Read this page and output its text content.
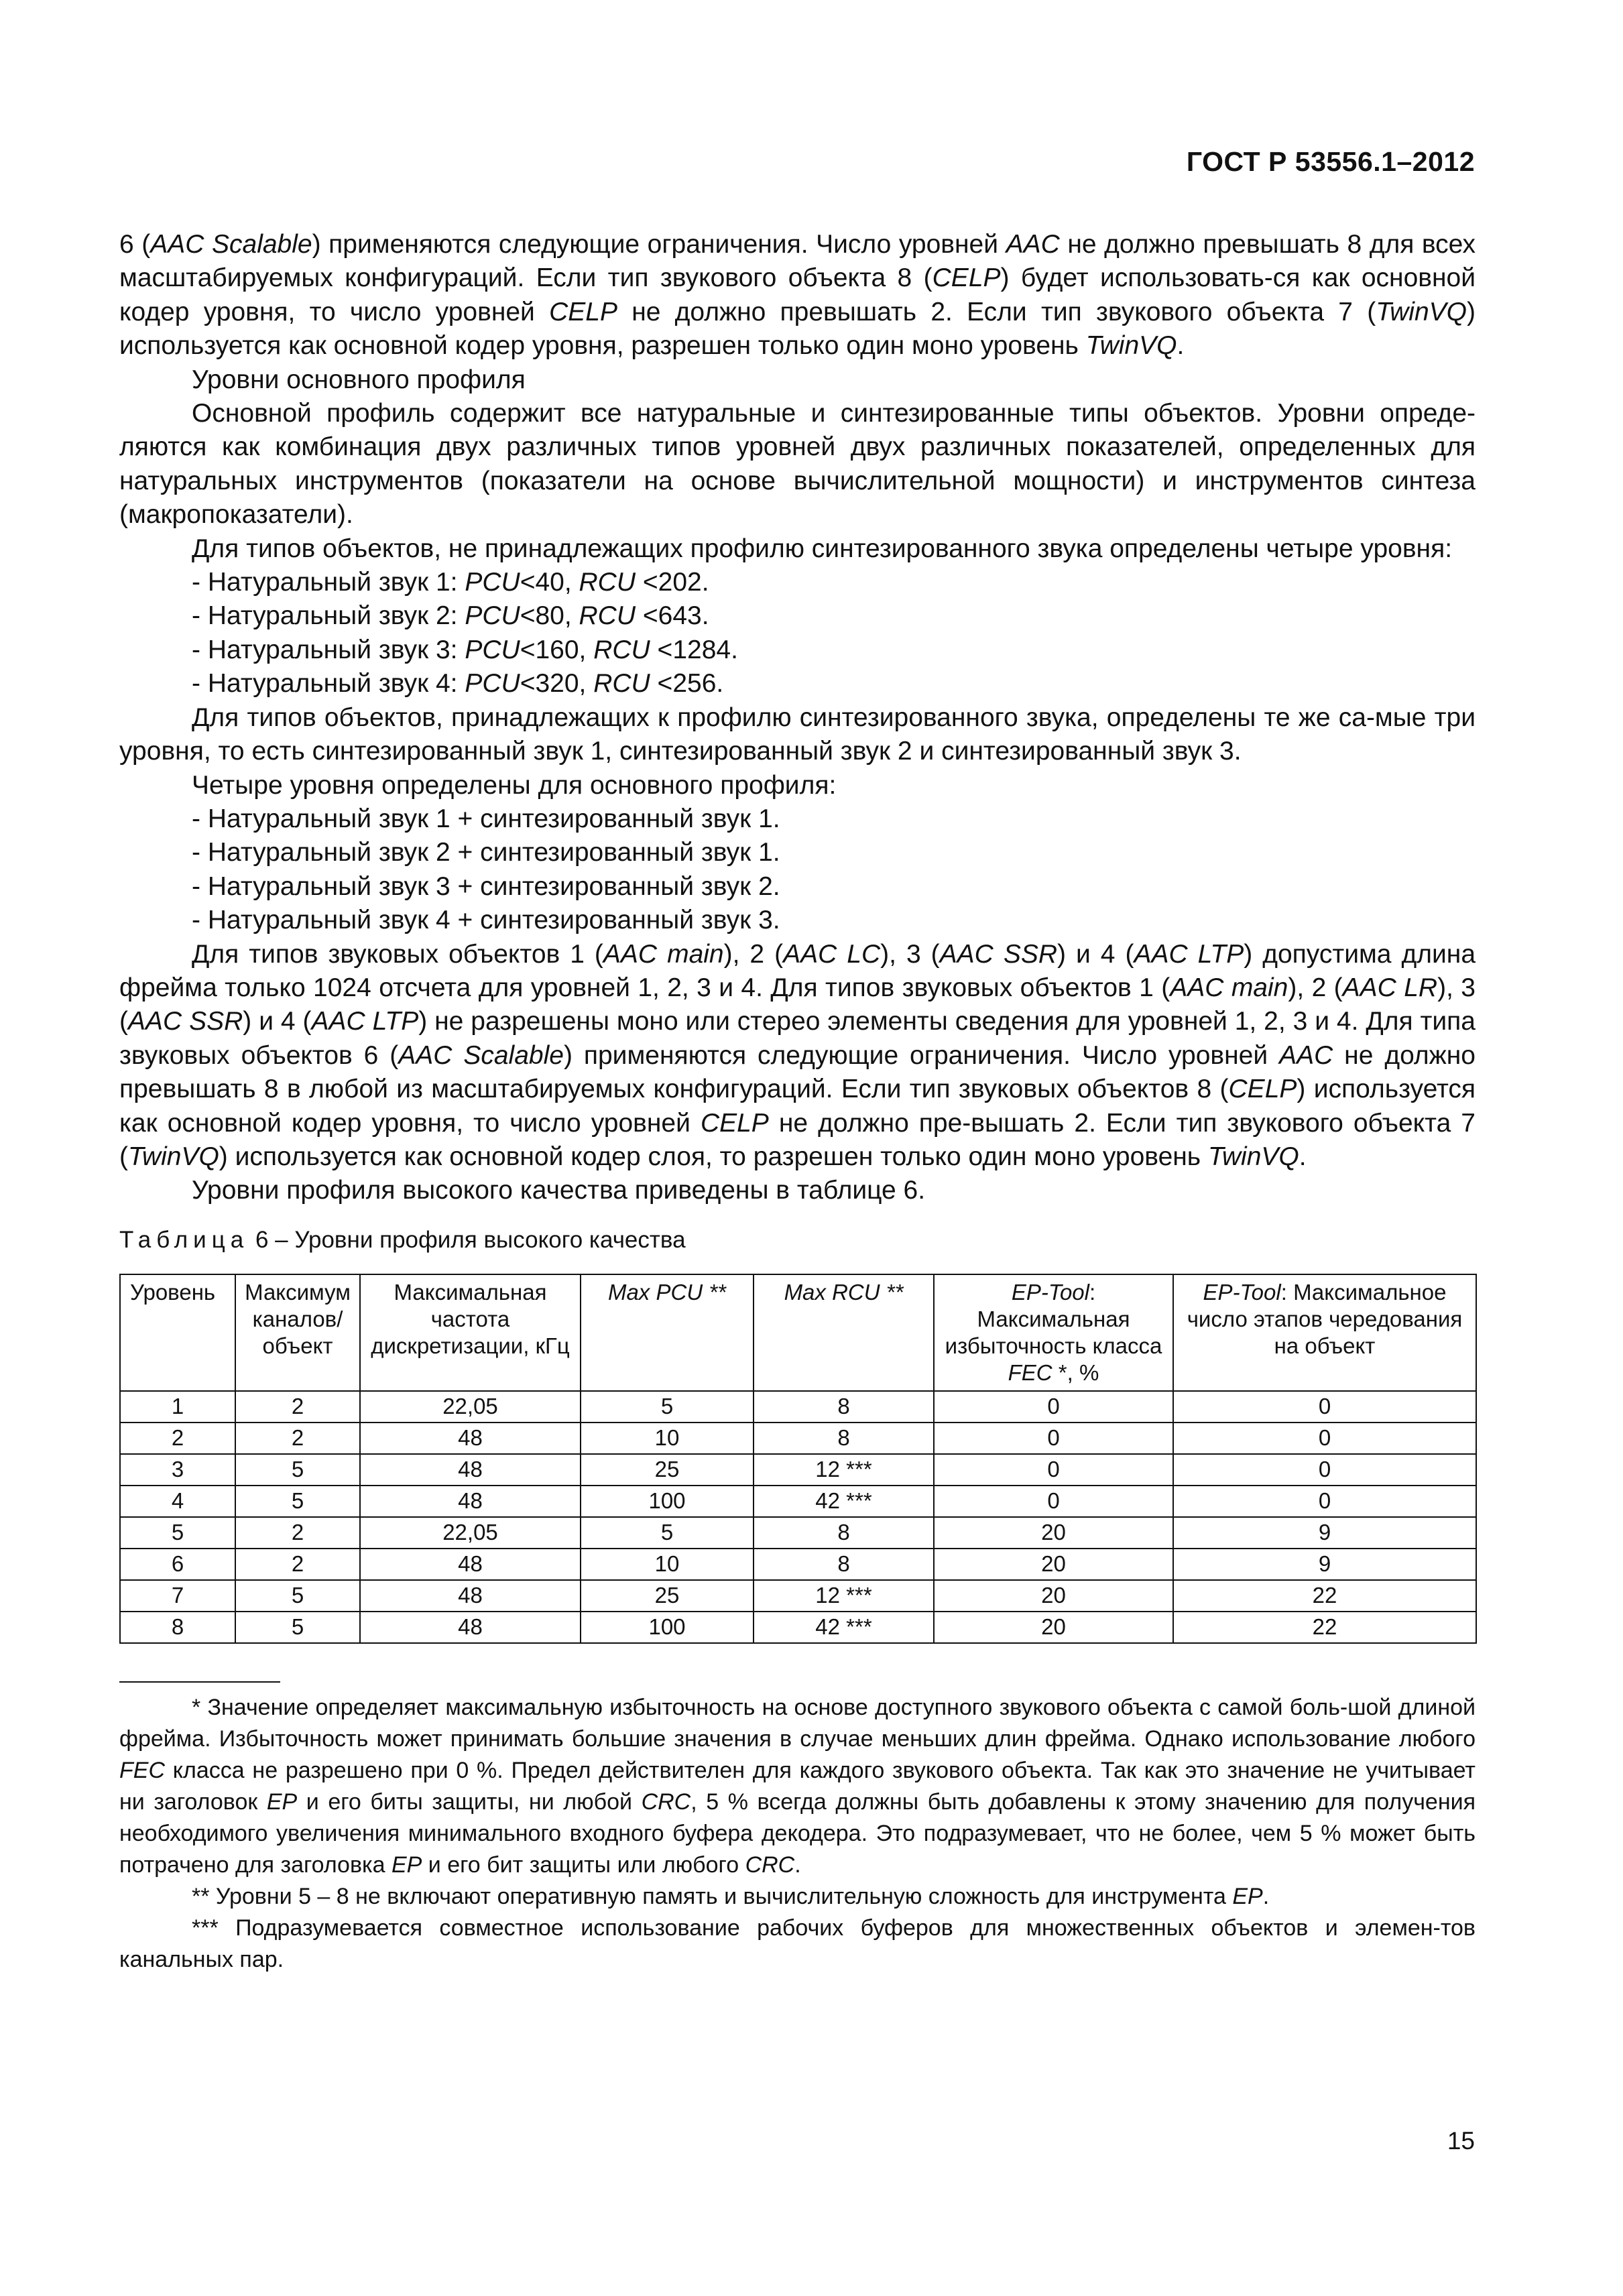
ГОСТ Р 53556.1–2012

6 (AAC Scalable) применяются следующие ограничения. Число уровней AAC не должно превышать 8 для всех масштабируемых конфигураций. Если тип звукового объекта 8 (CELP) будет использовать-ся как основной кодер уровня, то число уровней CELP не должно превышать 2. Если тип звукового объекта 7 (TwinVQ) используется как основной кодер уровня, разрешен только один моно уровень TwinVQ.

Уровни основного профиля

Основной профиль содержит все натуральные и синтезированные типы объектов. Уровни опреде-ляются как комбинация двух различных типов уровней двух различных показателей, определенных для натуральных инструментов (показатели на основе вычислительной мощности) и инструментов синтеза (макропоказатели).

Для типов объектов, не принадлежащих профилю синтезированного звука определены четыре уровня:

- Натуральный звук 1: PCU<40, RCU <202.

- Натуральный звук 2: PCU<80, RCU <643.

- Натуральный звук 3: PCU<160, RCU <1284.

- Натуральный звук 4: PCU<320, RCU <256.

Для типов объектов, принадлежащих к профилю синтезированного звука, определены те же са-мые три уровня, то есть синтезированный звук 1, синтезированный звук 2 и синтезированный звук 3.

Четыре уровня определены для основного профиля:

- Натуральный звук 1 + синтезированный звук 1.

- Натуральный звук 2 + синтезированный звук 1.

- Натуральный звук 3 + синтезированный звук 2.

- Натуральный звук 4 + синтезированный звук 3.

Для типов звуковых объектов 1 (AAC main), 2 (AAC LC), 3 (AAC SSR) и 4 (AAC LTP) допустима длина фрейма только 1024 отсчета для уровней 1, 2, 3 и 4. Для типов звуковых объектов 1 (AAC main), 2 (AAC LR), 3 (AAC SSR) и 4 (AAC LTP) не разрешены моно или стерео элементы сведения для уровней 1, 2, 3 и 4. Для типа звуковых объектов 6 (AAC Scalable) применяются следующие ограничения. Число уровней AAC не должно превышать 8 в любой из масштабируемых конфигураций. Если тип звуковых объектов 8 (CELP) используется как основной кодер уровня, то число уровней CELP не должно пре-вышать 2. Если тип звукового объекта 7 (TwinVQ) используется как основной кодер слоя, то разрешен только один моно уровень TwinVQ.

Уровни профиля высокого качества приведены в таблице 6.

Таблица 6 – Уровни профиля высокого качества
Уровень	Максимум каналов/ объект	Максимальная частота дискретизации, кГц	Max PCU **	Max RCU **	EP-Tool: Максимальная избыточность класса FEC *, %	EP-Tool: Максимальное число этапов чередования на объект
1	2	22,05	5	8	0	0
2	2	48	10	8	0	0
3	5	48	25	12 ***	0	0
4	5	48	100	42 ***	0	0
5	2	22,05	5	8	20	9
6	2	48	10	8	20	9
7	5	48	25	12 ***	20	22
8	5	48	100	42 ***	20	22

* Значение определяет максимальную избыточность на основе доступного звукового объекта с самой боль-шой длиной фрейма. Избыточность может принимать большие значения в случае меньших длин фрейма. Однако использование любого FEC класса не разрешено при 0 %. Предел действителен для каждого звукового объекта. Так как это значение не учитывает ни заголовок EP и его биты защиты, ни любой CRC, 5 % всегда должны быть добавлены к этому значению для получения необходимого увеличения минимального входного буфера декодера. Это подразумевает, что не более, чем 5 % может быть потрачено для заголовка EP и его бит защиты или любого CRC.

** Уровни 5 – 8 не включают оперативную память и вычислительную сложность для инструмента EP.

*** Подразумевается совместное использование рабочих буферов для множественных объектов и элемен-тов канальных пар.

15
